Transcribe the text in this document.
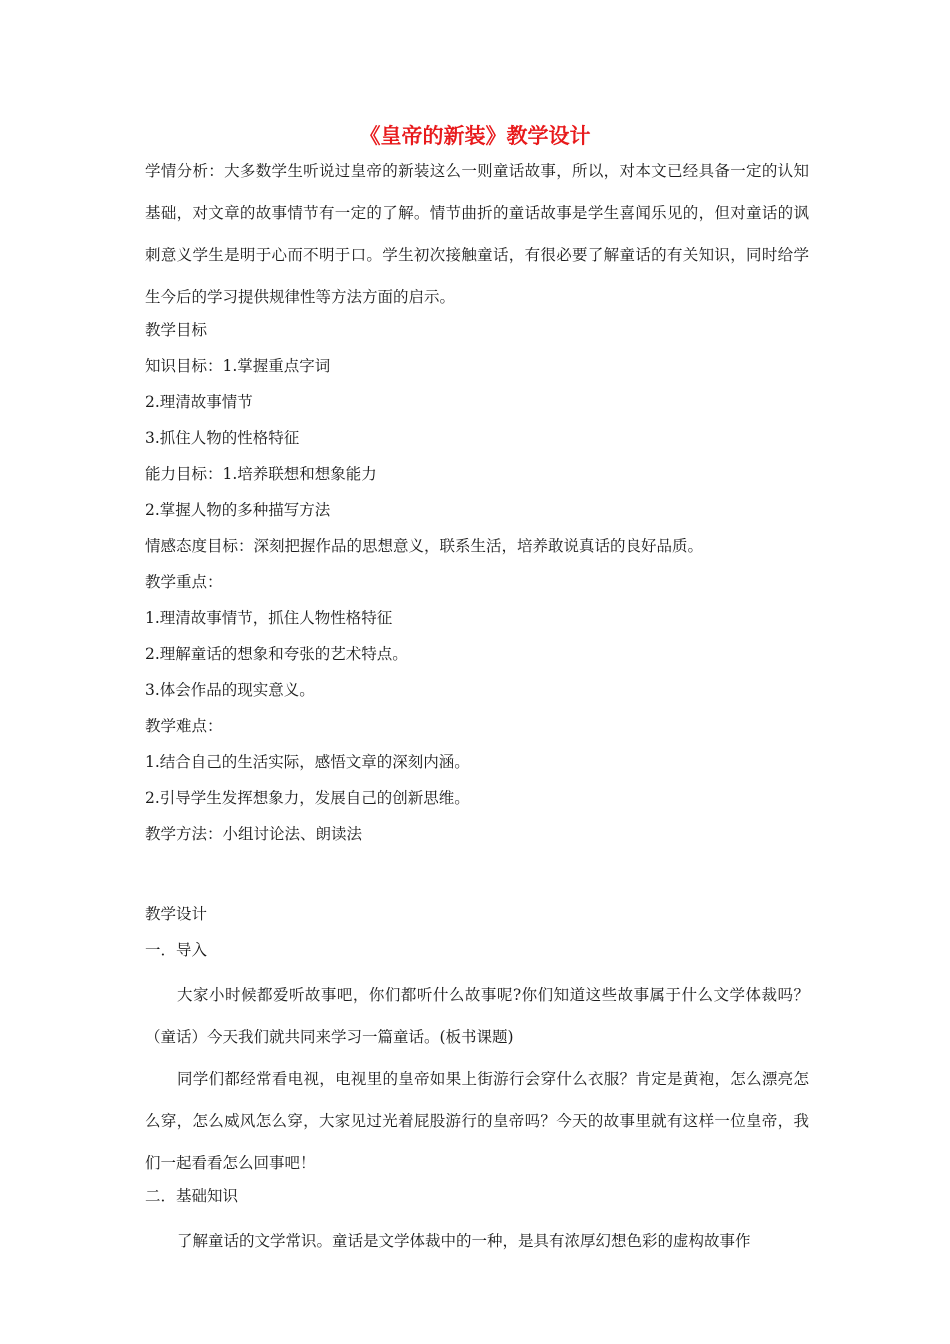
《皇帝的新装》教学设计
学情分析：大多数学生听说过皇帝的新装这么一则童话故事，所以，对本文已经具备一定的认知基础，对文章的故事情节有一定的了解。情节曲折的童话故事是学生喜闻乐见的，但对童话的讽刺意义学生是明于心而不明于口。学生初次接触童话，有很必要了解童话的有关知识，同时给学生今后的学习提供规律性等方法方面的启示。
教学目标
知识目标：1.掌握重点字词
2.理清故事情节
3.抓住人物的性格特征
能力目标：1.培养联想和想象能力
2.掌握人物的多种描写方法
情感态度目标：深刻把握作品的思想意义，联系生活，培养敢说真话的良好品质。
教学重点：
1.理清故事情节，抓住人物性格特征
2.理解童话的想象和夸张的艺术特点。
3.体会作品的现实意义。
教学难点：
1.结合自己的生活实际，感悟文章的深刻内涵。
2.引导学生发挥想象力，发展自己的创新思维。
教学方法：小组讨论法、朗读法
教学设计
一．导入
大家小时候都爱听故事吧，你们都听什么故事呢?你们知道这些故事属于什么文学体裁吗？（童话）今天我们就共同来学习一篇童话。(板书课题)
同学们都经常看电视，电视里的皇帝如果上街游行会穿什么衣服？肯定是黄袍，怎么漂亮怎么穿，怎么威风怎么穿，大家见过光着屁股游行的皇帝吗？今天的故事里就有这样一位皇帝，我们一起看看怎么回事吧！
二．基础知识
了解童话的文学常识。童话是文学体裁中的一种，是具有浓厚幻想色彩的虚构故事作
